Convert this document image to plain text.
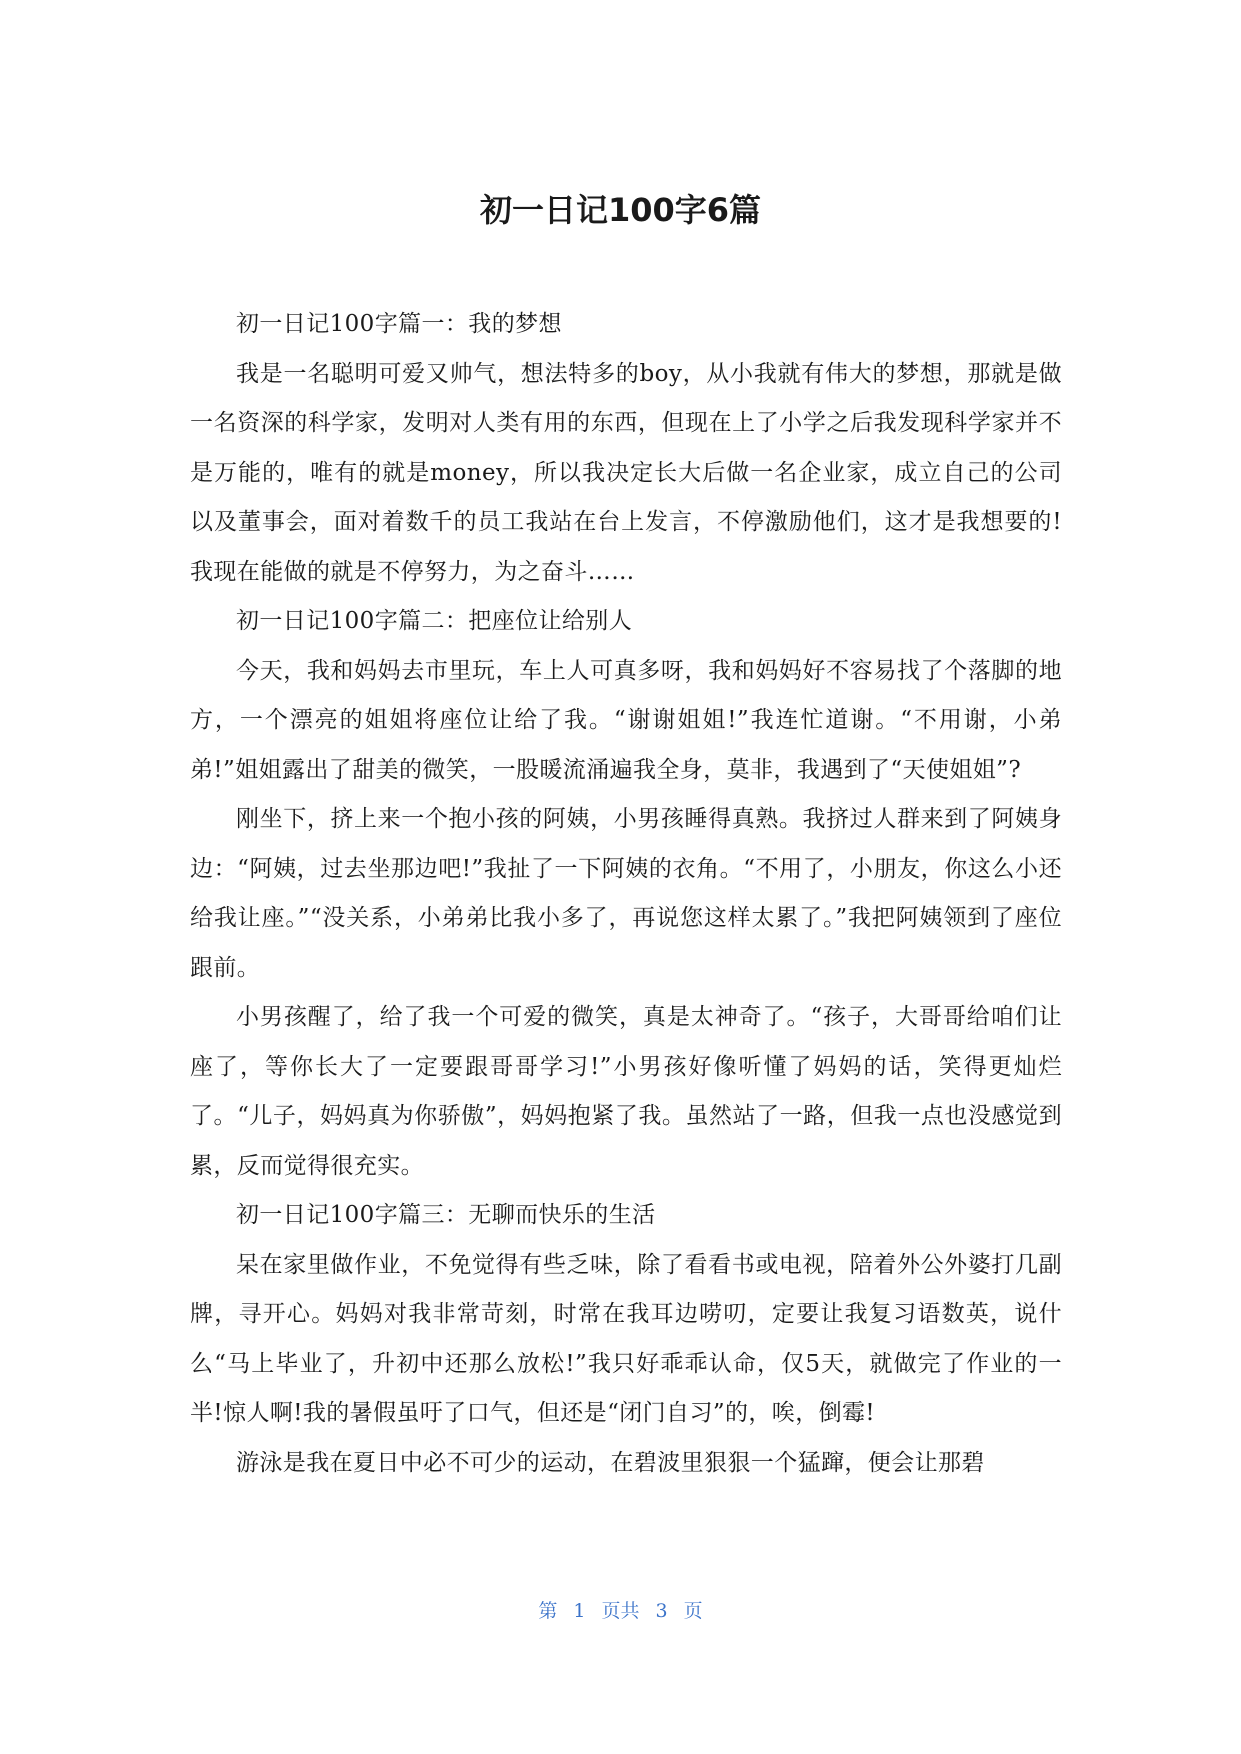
初一日记100字6篇

初一日记100字篇一：我的梦想

我是一名聪明可爱又帅气，想法特多的boy，从小我就有伟大的梦想，那就是做一名资深的科学家，发明对人类有用的东西，但现在上了小学之后我发现科学家并不是万能的，唯有的就是money，所以我决定长大后做一名企业家，成立自己的公司以及董事会，面对着数千的员工我站在台上发言，不停激励他们，这才是我想要的!我现在能做的就是不停努力，为之奋斗……

初一日记100字篇二：把座位让给别人

今天，我和妈妈去市里玩，车上人可真多呀，我和妈妈好不容易找了个落脚的地方，一个漂亮的姐姐将座位让给了我。“谢谢姐姐!”我连忙道谢。“不用谢，小弟弟!”姐姐露出了甜美的微笑，一股暖流涌遍我全身，莫非，我遇到了“天使姐姐”?

刚坐下，挤上来一个抱小孩的阿姨，小男孩睡得真熟。我挤过人群来到了阿姨身边：“阿姨，过去坐那边吧!”我扯了一下阿姨的衣角。“不用了，小朋友，你这么小还给我让座。”“没关系，小弟弟比我小多了，再说您这样太累了。”我把阿姨领到了座位跟前。

小男孩醒了，给了我一个可爱的微笑，真是太神奇了。“孩子，大哥哥给咱们让座了，等你长大了一定要跟哥哥学习!”小男孩好像听懂了妈妈的话，笑得更灿烂了。“儿子，妈妈真为你骄傲”，妈妈抱紧了我。虽然站了一路，但我一点也没感觉到累，反而觉得很充实。

初一日记100字篇三：无聊而快乐的生活

呆在家里做作业，不免觉得有些乏味，除了看看书或电视，陪着外公外婆打几副牌，寻开心。妈妈对我非常苛刻，时常在我耳边唠叨，定要让我复习语数英，说什么“马上毕业了，升初中还那么放松!”我只好乖乖认命，仅5天，就做完了作业的一半!惊人啊!我的暑假虽吁了口气，但还是“闭门自习”的，唉，倒霉!

游泳是我在夏日中必不可少的运动，在碧波里狠狠一个猛蹿，便会让那碧

第 1 页共 3 页
